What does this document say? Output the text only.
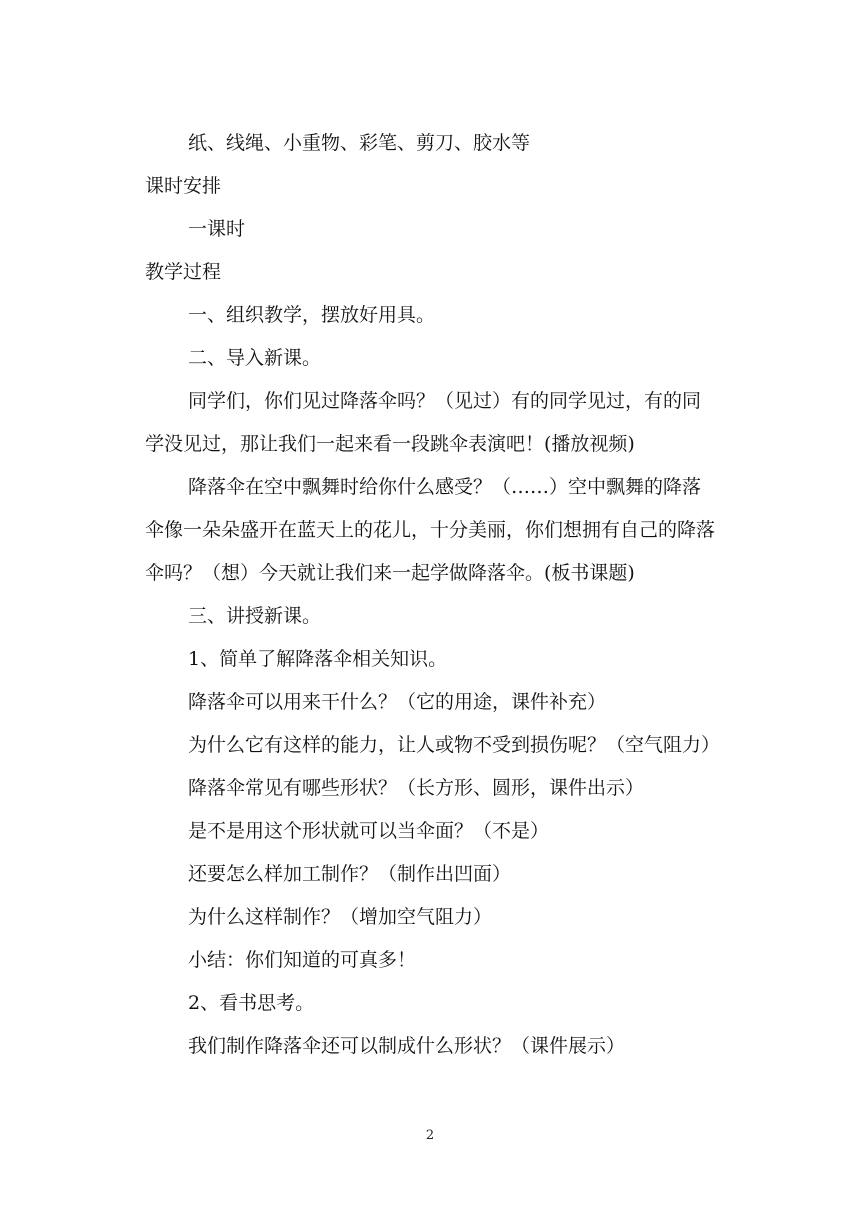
纸、线绳、小重物、彩笔、剪刀、胶水等
课时安排
一课时
教学过程
一、组织教学，摆放好用具。
二、导入新课。
同学们，你们见过降落伞吗？（见过）有的同学见过，有的同
学没见过，那让我们一起来看一段跳伞表演吧！(播放视频)
降落伞在空中飘舞时给你什么感受？（……）空中飘舞的降落
伞像一朵朵盛开在蓝天上的花儿，十分美丽，你们想拥有自己的降落
伞吗？（想）今天就让我们来一起学做降落伞。(板书课题)
三、讲授新课。
1、简单了解降落伞相关知识。
降落伞可以用来干什么？（它的用途，课件补充）
为什么它有这样的能力，让人或物不受到损伤呢？（空气阻力）
降落伞常见有哪些形状？（长方形、圆形，课件出示）
是不是用这个形状就可以当伞面？（不是）
还要怎么样加工制作？（制作出凹面）
为什么这样制作？（增加空气阻力）
小结：你们知道的可真多！
2、看书思考。
我们制作降落伞还可以制成什么形状？（课件展示）
2
